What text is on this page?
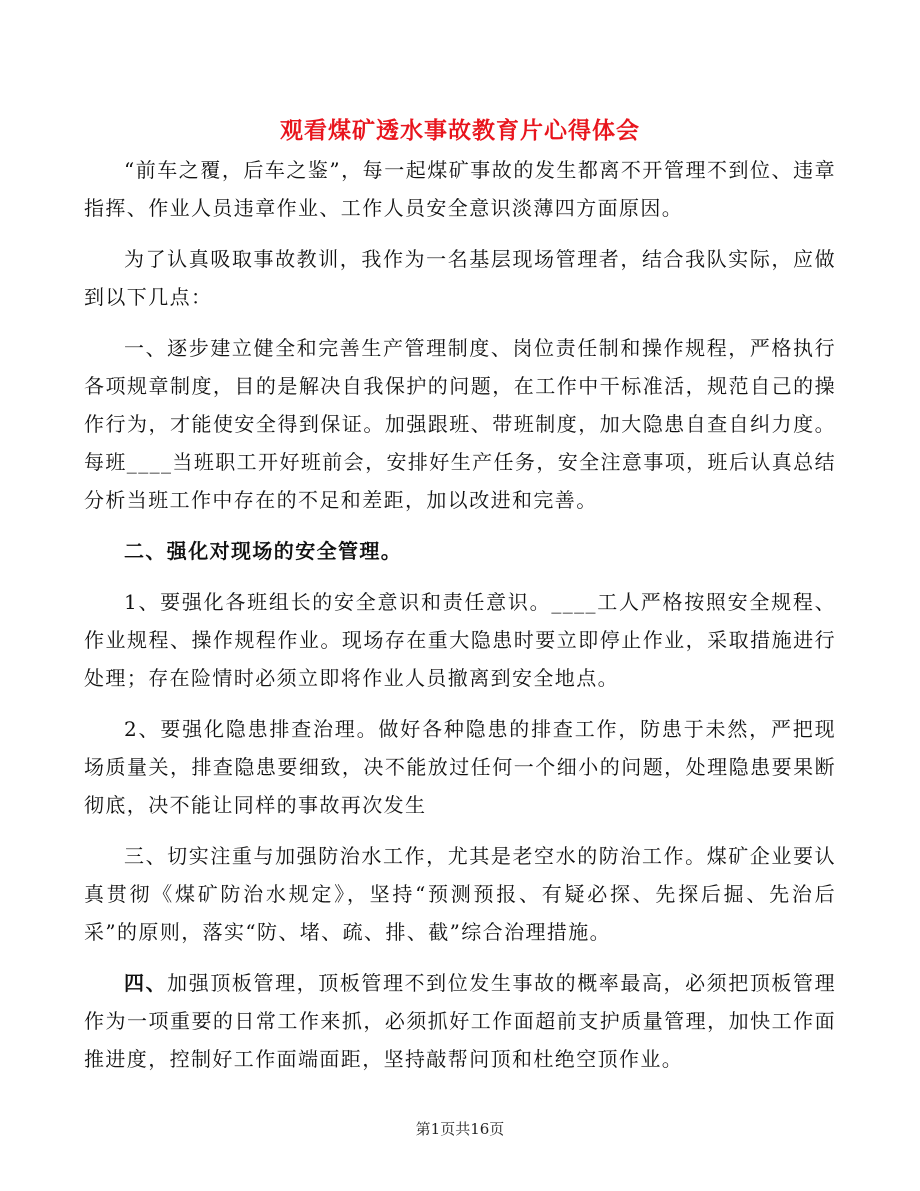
观看煤矿透水事故教育片心得体会

“前车之覆，后车之鉴”，每一起煤矿事故的发生都离不开管理不到位、违章指挥、作业人员违章作业、工作人员安全意识淡薄四方面原因。

为了认真吸取事故教训，我作为一名基层现场管理者，结合我队实际，应做到以下几点：

一、逐步建立健全和完善生产管理制度、岗位责任制和操作规程，严格执行各项规章制度，目的是解决自我保护的问题，在工作中干标准活，规范自己的操作行为，才能使安全得到保证。加强跟班、带班制度，加大隐患自查自纠力度。每班____当班职工开好班前会，安排好生产任务，安全注意事项，班后认真总结分析当班工作中存在的不足和差距，加以改进和完善。

二、强化对现场的安全管理。

1、要强化各班组长的安全意识和责任意识。____工人严格按照安全规程、作业规程、操作规程作业。现场存在重大隐患时要立即停止作业，采取措施进行处理；存在险情时必须立即将作业人员撤离到安全地点。

2、要强化隐患排查治理。做好各种隐患的排查工作，防患于未然，严把现场质量关，排查隐患要细致，决不能放过任何一个细小的问题，处理隐患要果断彻底，决不能让同样的事故再次发生

三、切实注重与加强防治水工作，尤其是老空水的防治工作。煤矿企业要认真贯彻《煤矿防治水规定》，坚持“预测预报、有疑必探、先探后掘、先治后采”的原则，落实“防、堵、疏、排、截”综合治理措施。

四、加强顶板管理，顶板管理不到位发生事故的概率最高，必须把顶板管理作为一项重要的日常工作来抓，必须抓好工作面超前支护质量管理，加快工作面推进度，控制好工作面端面距，坚持敲帮问顶和杜绝空顶作业。

第1页共16页
